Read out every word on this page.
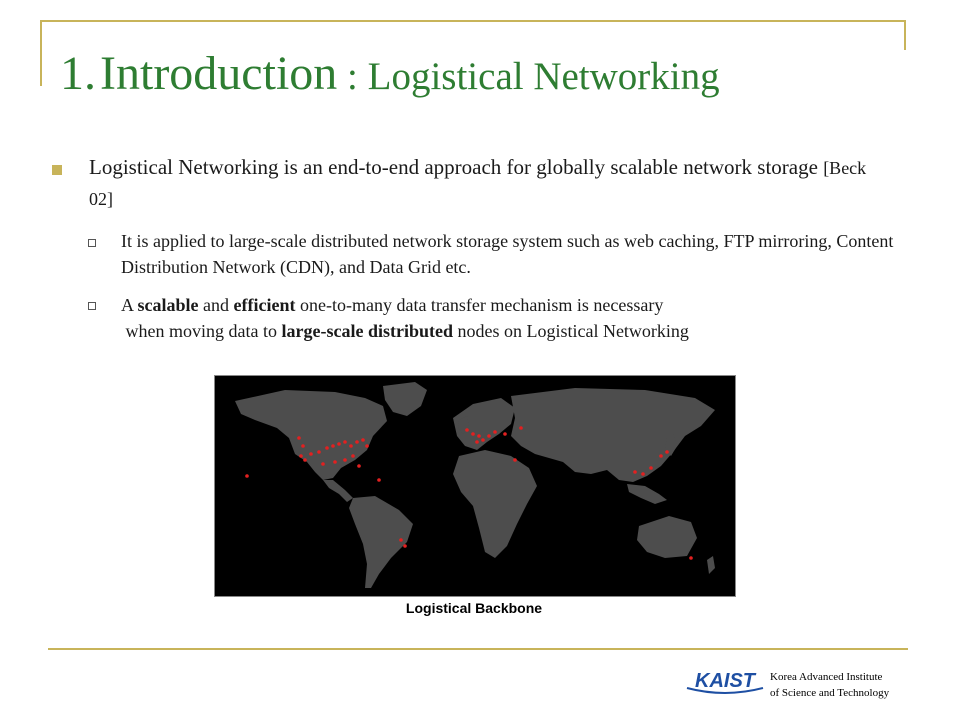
1. Introduction : Logistical Networking
Logistical Networking is an end-to-end approach for globally scalable network storage [Beck 02]
It is applied to large-scale distributed network storage system such as web caching, FTP mirroring, Content Distribution Network (CDN), and Data Grid etc.
A scalable and efficient one-to-many data transfer mechanism is necessary
when moving data to large-scale distributed nodes on Logistical Networking
Logistical Backbone
KAIST Korea Advanced Institute
of Science and Technology
